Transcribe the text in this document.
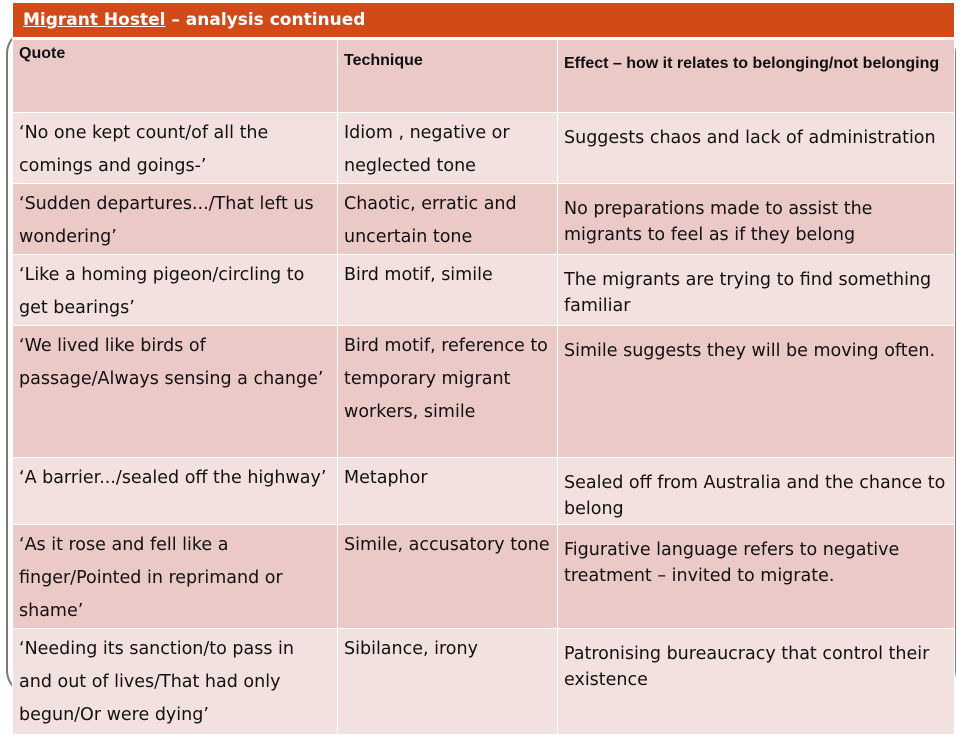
Migrant Hostel – analysis continued		
Quote	Technique	Effect – how it relates to belonging/not belonging
‘No one kept count/of all the comings and goings-’	Idiom , negative or neglected tone	Suggests chaos and lack of administration
‘Sudden departures.../That left us wondering’	Chaotic, erratic and uncertain tone	No preparations made to assist the migrants to feel as if they belong
‘Like a homing pigeon/circling to get bearings’	Bird motif, simile	The migrants are trying to find something familiar
‘We lived like birds of passage/Always sensing a change’	Bird motif, reference to temporary migrant workers, simile	Simile suggests they will be moving often.
‘A barrier.../sealed off the highway’	Metaphor	Sealed off from Australia and the chance to belong
‘As it rose and fell like a finger/Pointed in reprimand or shame’	Simile, accusatory tone	Figurative language refers to negative treatment – invited to migrate.
‘Needing its sanction/to pass in and out of lives/That had only begun/Or were dying’	Sibilance, irony	Patronising bureaucracy that control their existence
